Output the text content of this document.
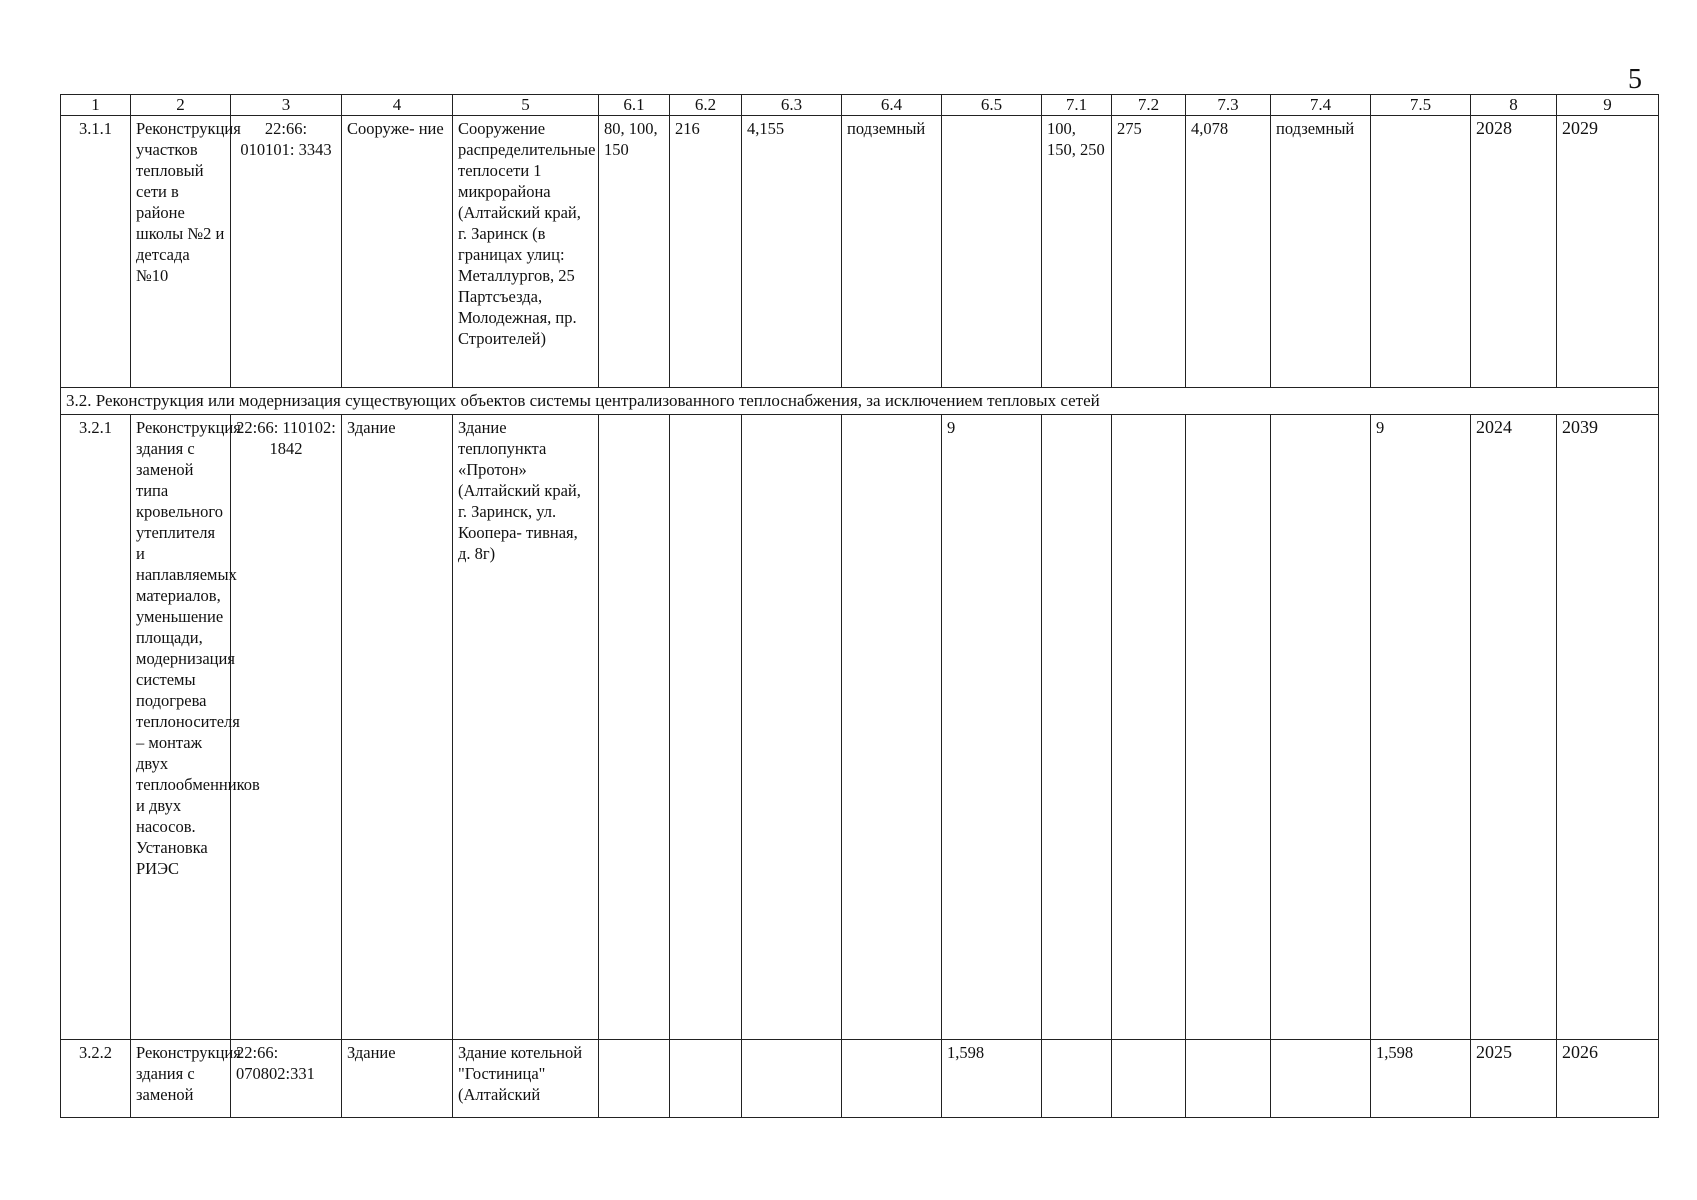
5
1	2	3	4	5	6.1	6.2	6.3	6.4	6.5	7.1	7.2	7.3	7.4	7.5	8	9
3.1.1	Реконструкция участков тепловый сети в районе школы №2 и детсада №10	22:66: 010101: 3343	Сооруже- ние	Сооружение распределительные теплосети 1 микрорайона (Алтайский край, г. Заринск (в границах улиц: Металлургов, 25 Партсъезда, Молодежная, пр. Строителей)	80, 100, 150	216	4,155	подземный		100, 150, 250	275	4,078	подземный		2028	2029
3.2. Реконструкция или модернизация существующих объектов системы централизованного теплоснабжения, за исключением тепловых сетей																
3.2.1	Реконструкция здания с заменой типа кровельного утеплителя и наплавляемых материалов, уменьшение площади, модернизация системы подогрева теплоносителя – монтаж двух теплообменников и двух насосов. Установка РИЭС	22:66: 110102: 1842	Здание	Здание теплопункта «Протон» (Алтайский край, г. Заринск, ул. Коопера- тивная, д. 8г)					9					9	2024	2039
3.2.2	Реконструкция здания с заменой	22:66: 070802:331	Здание	Здание котельной "Гостиница" (Алтайский					1,598					1,598	2025	2026
